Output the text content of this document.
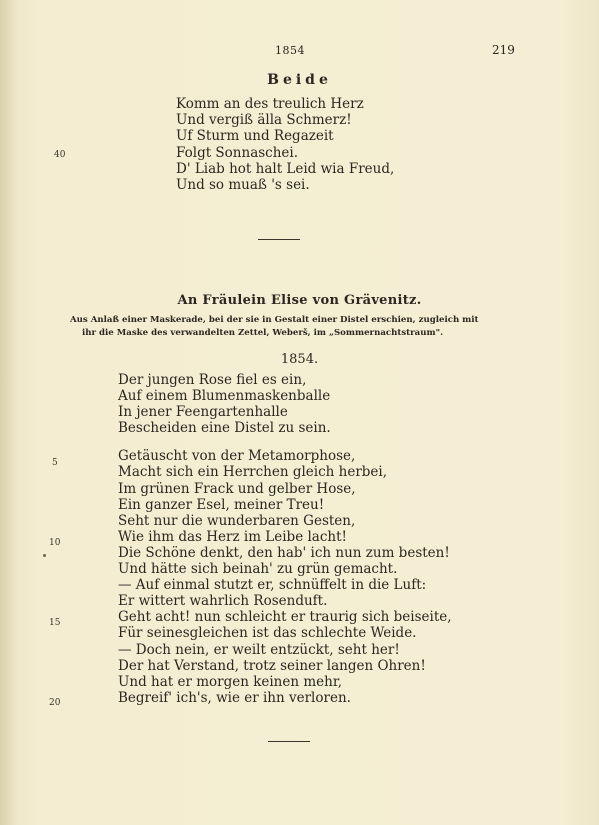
1854	219
Beide
Komm an des treulich Herz
Und vergiß älla Schmerz!
Uf Sturm und Regazeit
Folgt Sonnaschei.
D' Liab hot halt Leid wia Freud,
Und so muaß 's sei.
40
An Fräulein Elise von Grävenitz.
Aus Anlaß einer Maskerade, bei der sie in Gestalt einer Distel erschien, zugleich mit
ihr die Maske des verwandelten Zettel, Weberš, im „Sommernachtstraum".
1854.
Der jungen Rose fiel es ein,
Auf einem Blumenmaskenballe
In jener Feengartenhalle
Bescheiden eine Distel zu sein.
Getäuscht von der Metamorphose,
Macht sich ein Herrchen gleich herbei,
Im grünen Frack und gelber Hose,
Ein ganzer Esel, meiner Treu!
Seht nur die wunderbaren Gesten,
Wie ihm das Herz im Leibe lacht!
Die Schöne denkt, den hab' ich nun zum besten!
Und hätte sich beinah' zu grün gemacht.
— Auf einmal stutzt er, schnüffelt in die Luft:
Er wittert wahrlich Rosenduft.
Geht acht! nun schleicht er traurig sich beiseite,
Für seinesgleichen ist das schlechte Weide.
— Doch nein, er weilt entzückt, seht her!
Der hat Verstand, trotz seiner langen Ohren!
Und hat er morgen keinen mehr,
Begreif' ich's, wie er ihn verloren.
5
10
15
20
